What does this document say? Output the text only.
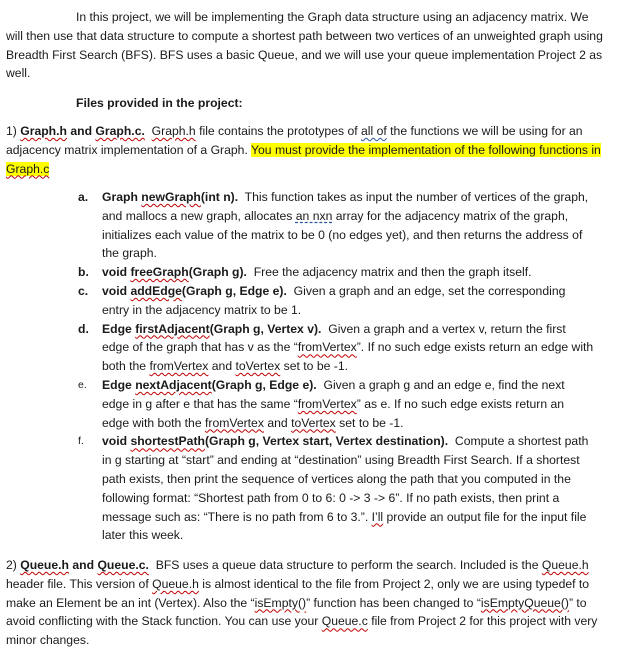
In this project, we will be implementing the Graph data structure using an adjacency matrix. We will then use that data structure to compute a shortest path between two vertices of an unweighted graph using Breadth First Search (BFS). BFS uses a basic Queue, and we will use your queue implementation Project 2 as well.

Files provided in the project:

1) Graph.h and Graph.c. Graph.h file contains the prototypes of all of the functions we will be using for an adjacency matrix implementation of a Graph. You must provide the implementation of the following functions in Graph.c

a. Graph newGraph(int n). This function takes as input the number of vertices of the graph, and mallocs a new graph, allocates an nxn array for the adjacency matrix of the graph, initializes each value of the matrix to be 0 (no edges yet), and then returns the address of the graph.
b. void freeGraph(Graph g). Free the adjacency matrix and then the graph itself.
c. void addEdge(Graph g, Edge e). Given a graph and an edge, set the corresponding entry in the adjacency matrix to be 1.
d. Edge firstAdjacent(Graph g, Vertex v). Given a graph and a vertex v, return the first edge of the graph that has v as the “fromVertex”. If no such edge exists return an edge with both the fromVertex and toVertex set to be -1.
e. Edge nextAdjacent(Graph g, Edge e). Given a graph g and an edge e, find the next edge in g after e that has the same “fromVertex” as e. If no such edge exists return an edge with both the fromVertex and toVertex set to be -1.
f. void shortestPath(Graph g, Vertex start, Vertex destination). Compute a shortest path in g starting at “start” and ending at “destination” using Breadth First Search. If a shortest path exists, then print the sequence of vertices along the path that you computed in the following format: “Shortest path from 0 to 6: 0 -> 3 -> 6”. If no path exists, then print a message such as: “There is no path from 6 to 3.”. I’ll provide an output file for the input file later this week.

2) Queue.h and Queue.c. BFS uses a queue data structure to perform the search. Included is the Queue.h header file. This version of Queue.h is almost identical to the file from Project 2, only we are using typedef to make an Element be an int (Vertex). Also the “isEmpty()” function has been changed to “isEmptyQueue()” to avoid conflicting with the Stack function. You can use your Queue.c file from Project 2 for this project with very minor changes.
